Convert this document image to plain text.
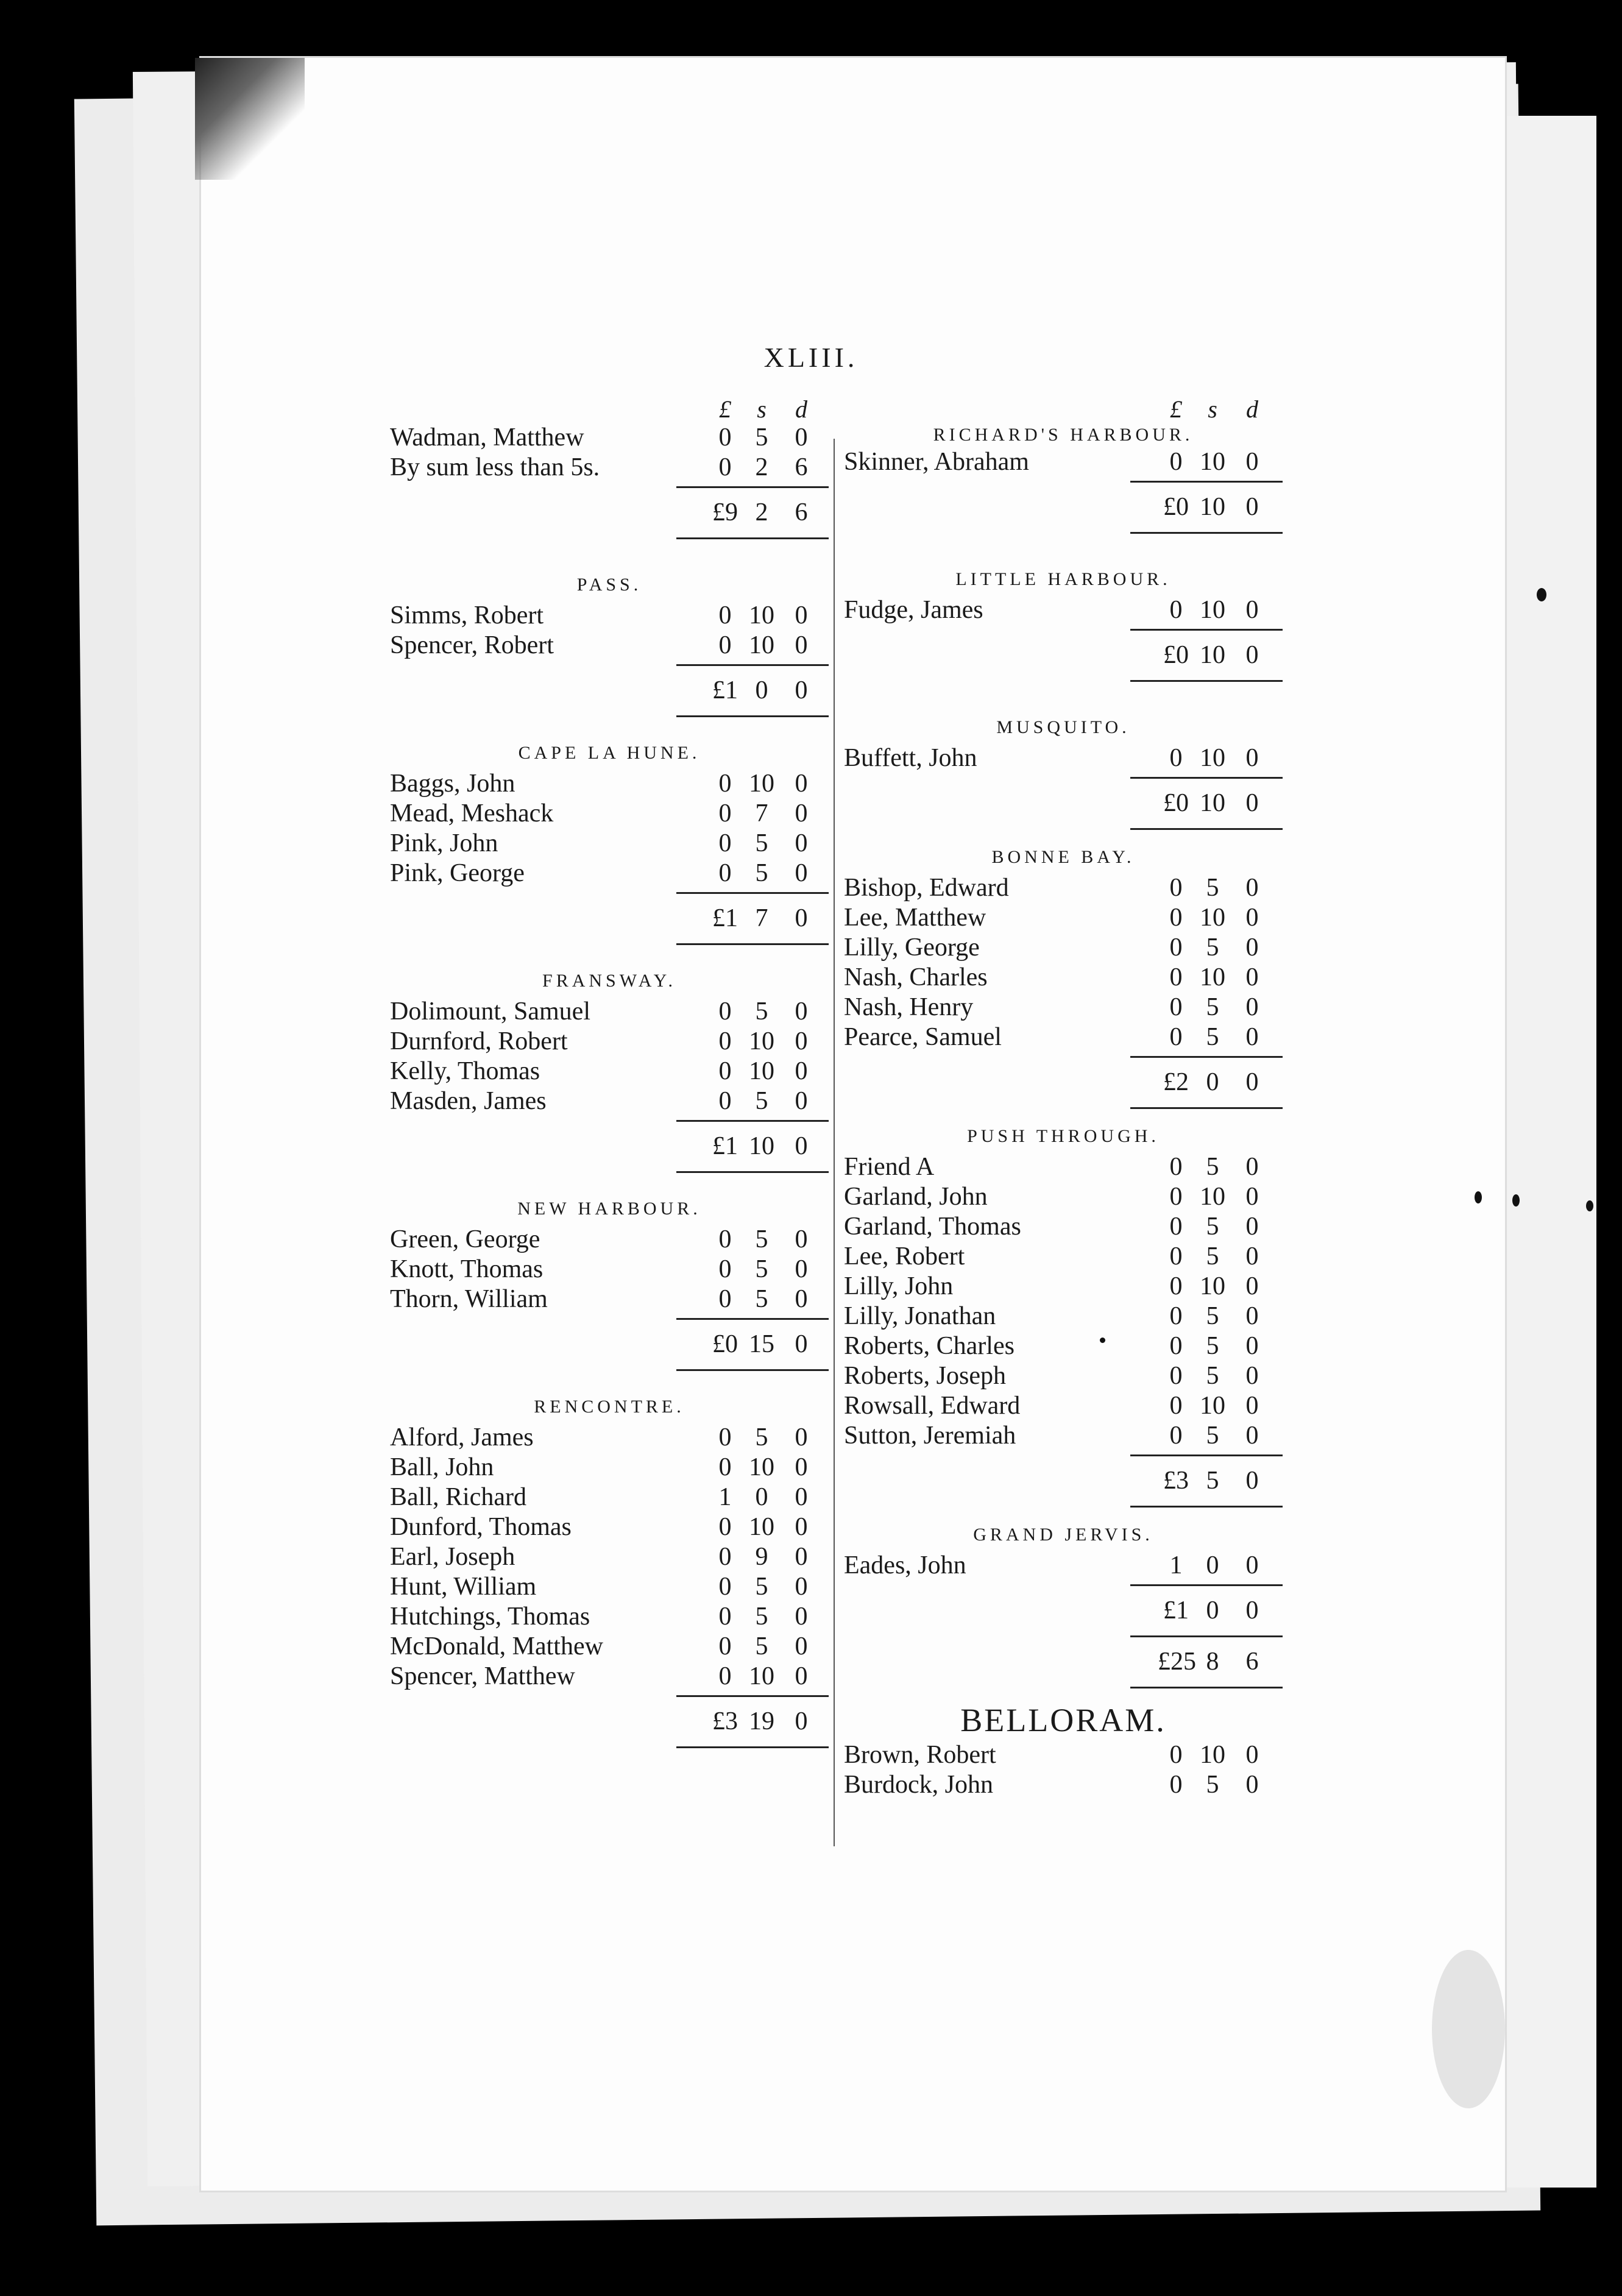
XLIII.
£	s	d
Wadman, Matthew	0 5	0
By sum less than 5s.	0 2	6
£9 2	6
PASS.
Simms, Robert	0 10 0
Spencer, Robert	0 10 0
£1 0	0
CAPE LA HUNE.
Baggs, John	0 10 0
Mead, Meshack	0 7	0
Pink, John	0 5	0
Pink, George	0 5	0
£1 7	0
FRANSWAY.
Dolimount, Samuel	0 5	0
Durnford, Robert	0 10 0
Kelly, Thomas	0 10 0
Masden, James	0 5	0
£1 10 0
NEW HARBOUR.
Green, George	0 5	0
Knott, Thomas	0 5	0
Thorn, William	0 5	0
£0 15 0
RENCONTRE.
Alford, James	0 5	0
Ball, John	0 10 0
Ball, Richard	1 0	0
Dunford, Thomas	0 10 0
Earl, Joseph	0 9	0
Hunt, William	0 5	0
Hutchings, Thomas	0 5	0
McDonald, Matthew	0 5	0
Spencer, Matthew	0 10 0
£3 19 0
£	s	d
RICHARD'S HARBOUR.
Skinner, Abraham	0 10 0
£0 10 0
LITTLE HARBOUR.
Fudge, James	0 10 0
£0 10 0
MUSQUITO.
Buffett, John	0 10 0
£0 10 0
BONNE BAY.
Bishop, Edward	0 5	0
Lee, Matthew	0 10 0
Lilly, George	0 5	0
Nash, Charles	0 10 0
Nash, Henry	0 5	0
Pearce, Samuel	0 5	0
£2 0	0
PUSH THROUGH.
Friend A	0 5	0
Garland, John	0 10 0
Garland, Thomas	0 5	0
Lee, Robert	0 5	0
Lilly, John	0 10 0
Lilly, Jonathan	0 5	0
Roberts, Charles	0 5	0
Roberts, Joseph	0 5	0
Rowsall, Edward	0 10 0
Sutton, Jeremiah	0 5	0
£3 5	0
GRAND JERVIS.
Eades, John	1 0	0
£1 0	0
£25 8	6
BELLORAM.
Brown, Robert	0 10 0
Burdock, John	0 5	0
